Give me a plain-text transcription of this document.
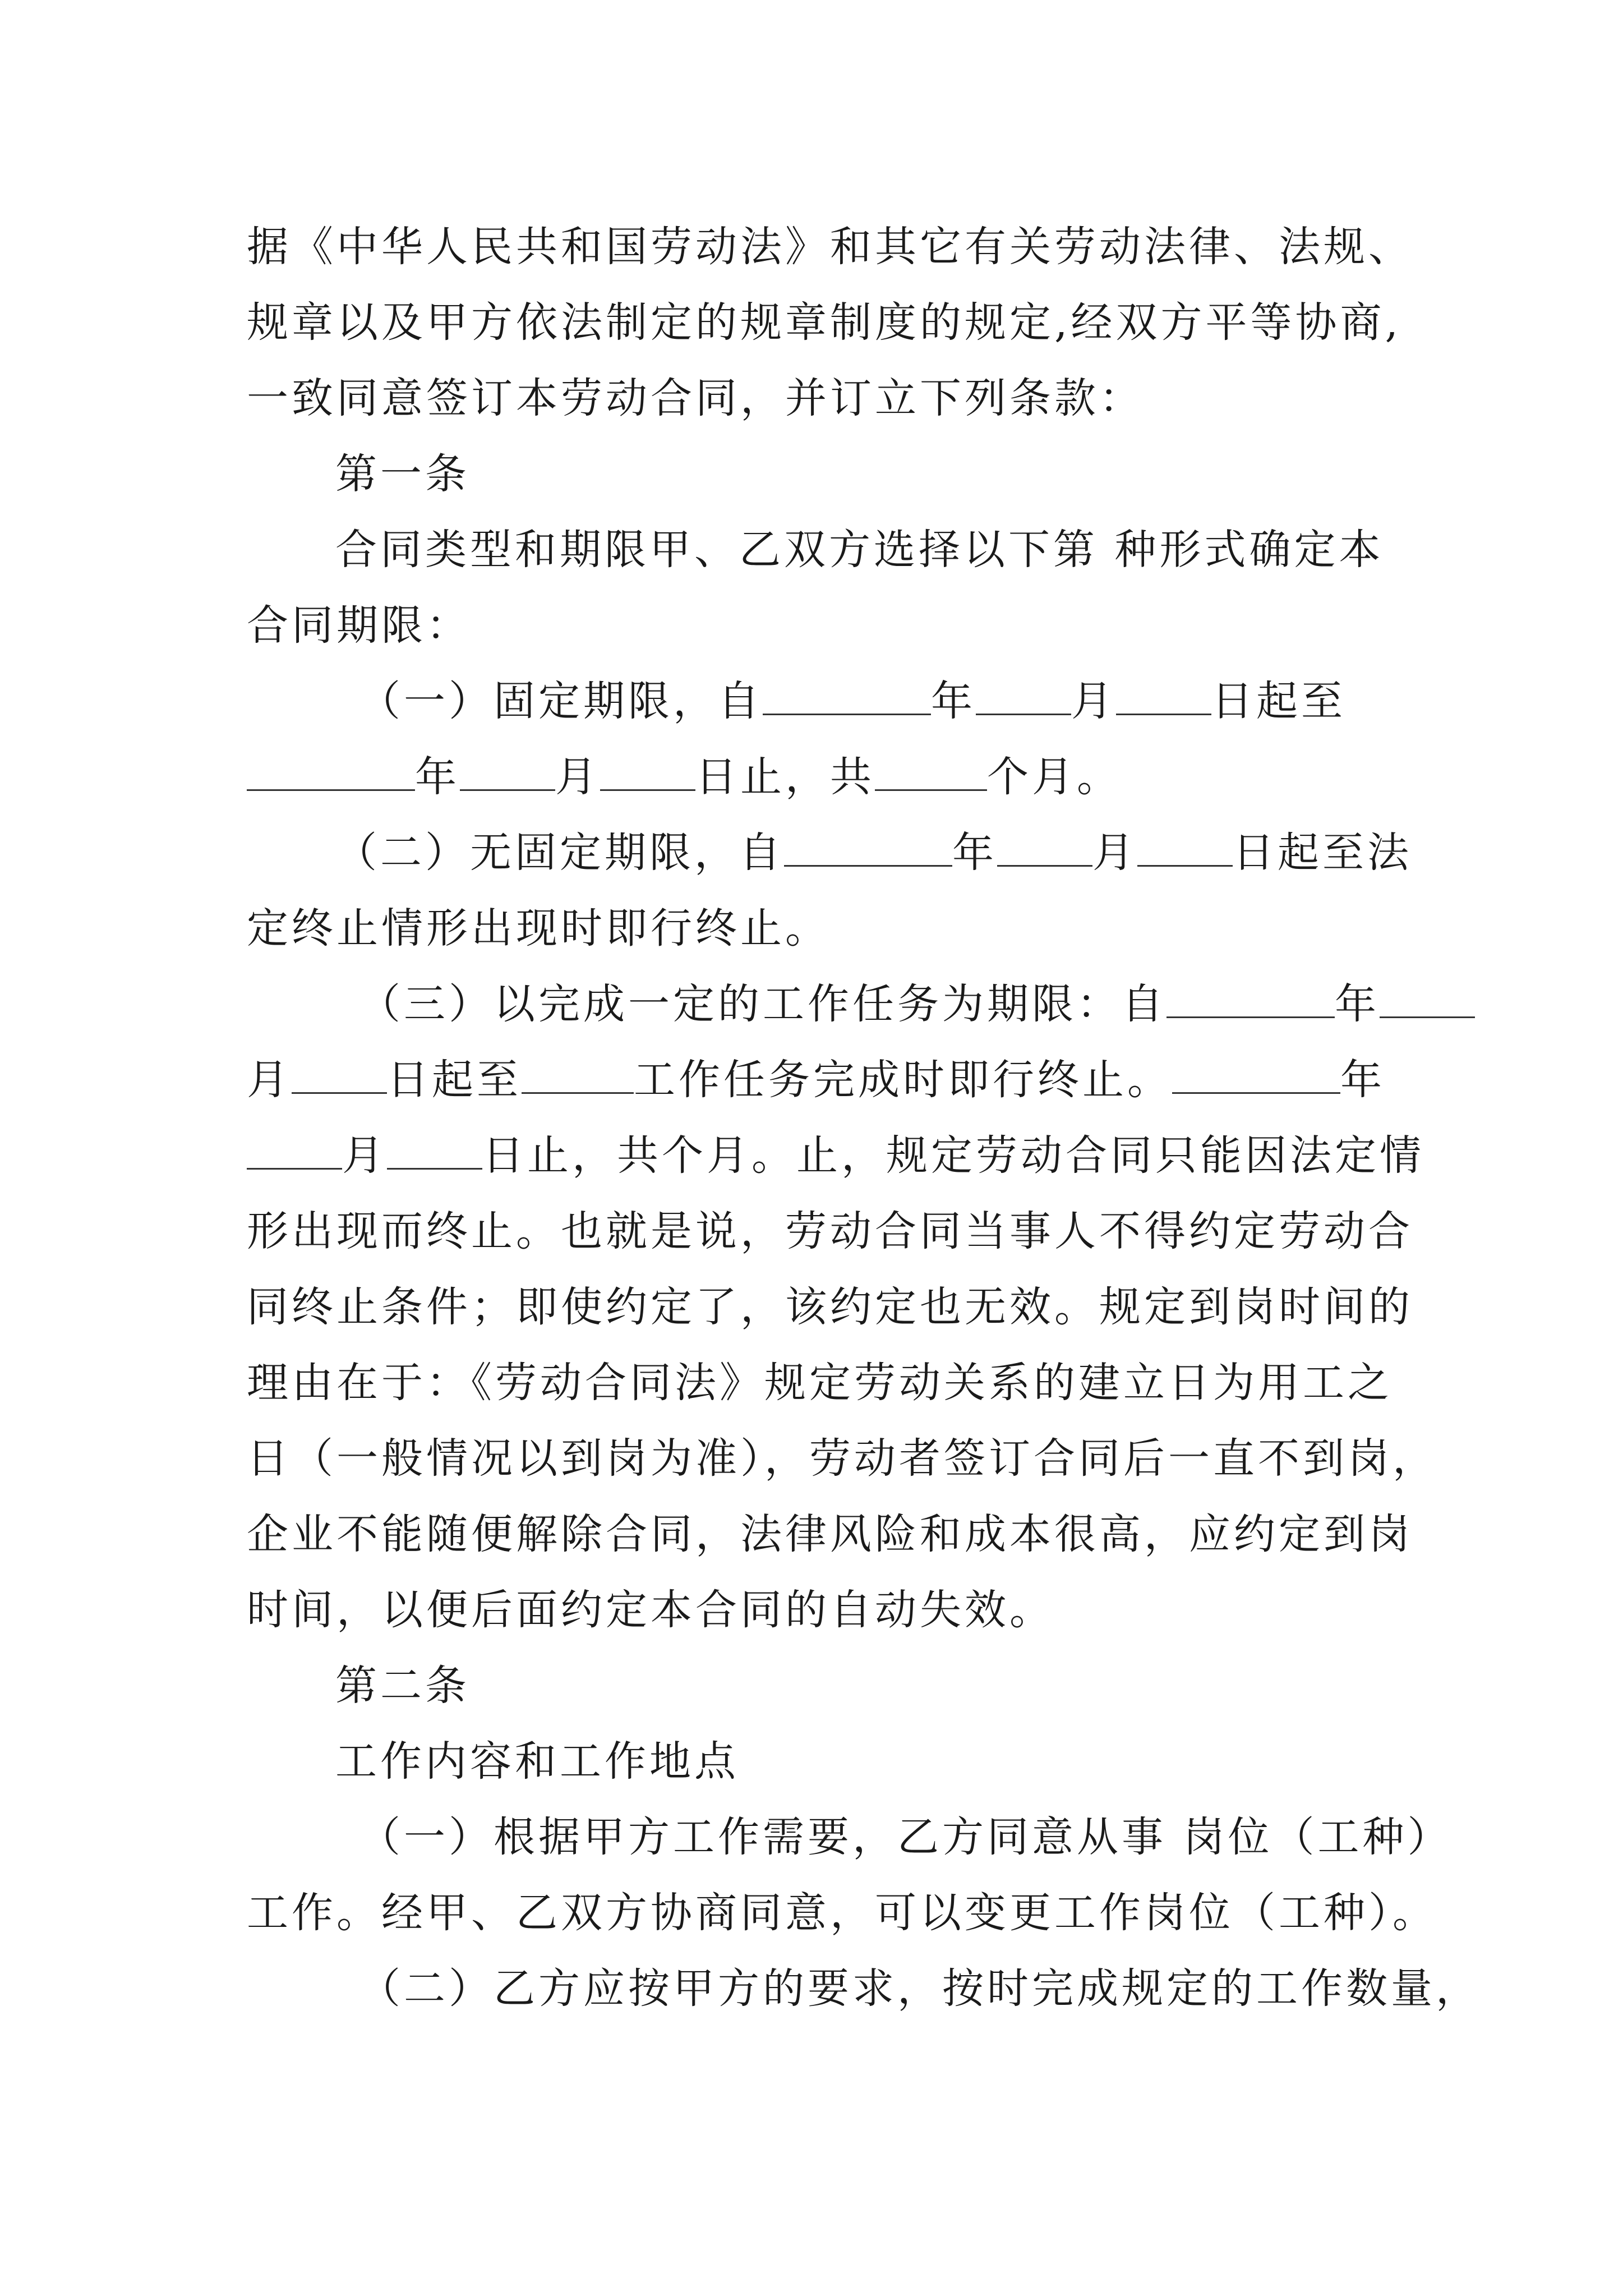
据《中华人民共和国劳动法》和其它有关劳动法律、法规、
规章以及甲方依法制定的规章制度的规定,经双方平等协商,
一致同意签订本劳动合同，并订立下列条款：
第一条
合同类型和期限甲、乙双方选择以下第 种形式确定本
合同期限：
（一）固定期限，自	年 月 日起至
年 月 日止，共	个月。
（二）无固定期限，自	年 月 日起至法
定终止情形出现时即行终止。
（三）以完成一定的工作任务为期限：自	年
月 日起至	工作任务完成时即行终止。	年
月 日止，共个月。止，规定劳动合同只能因法定情
形出现而终止。也就是说，劳动合同当事人不得约定劳动合
同终止条件；即使约定了，该约定也无效。规定到岗时间的
理由在于：《劳动合同法》规定劳动关系的建立日为用工之
日（一般情况以到岗为准），劳动者签订合同后一直不到岗，
企业不能随便解除合同，法律风险和成本很高，应约定到岗
时间，以便后面约定本合同的自动失效。
第二条
工作内容和工作地点
（一）根据甲方工作需要，乙方同意从事 岗位（工种）
工作。经甲、乙双方协商同意，可以变更工作岗位（工种）。
（二）乙方应按甲方的要求，按时完成规定的工作数量，
